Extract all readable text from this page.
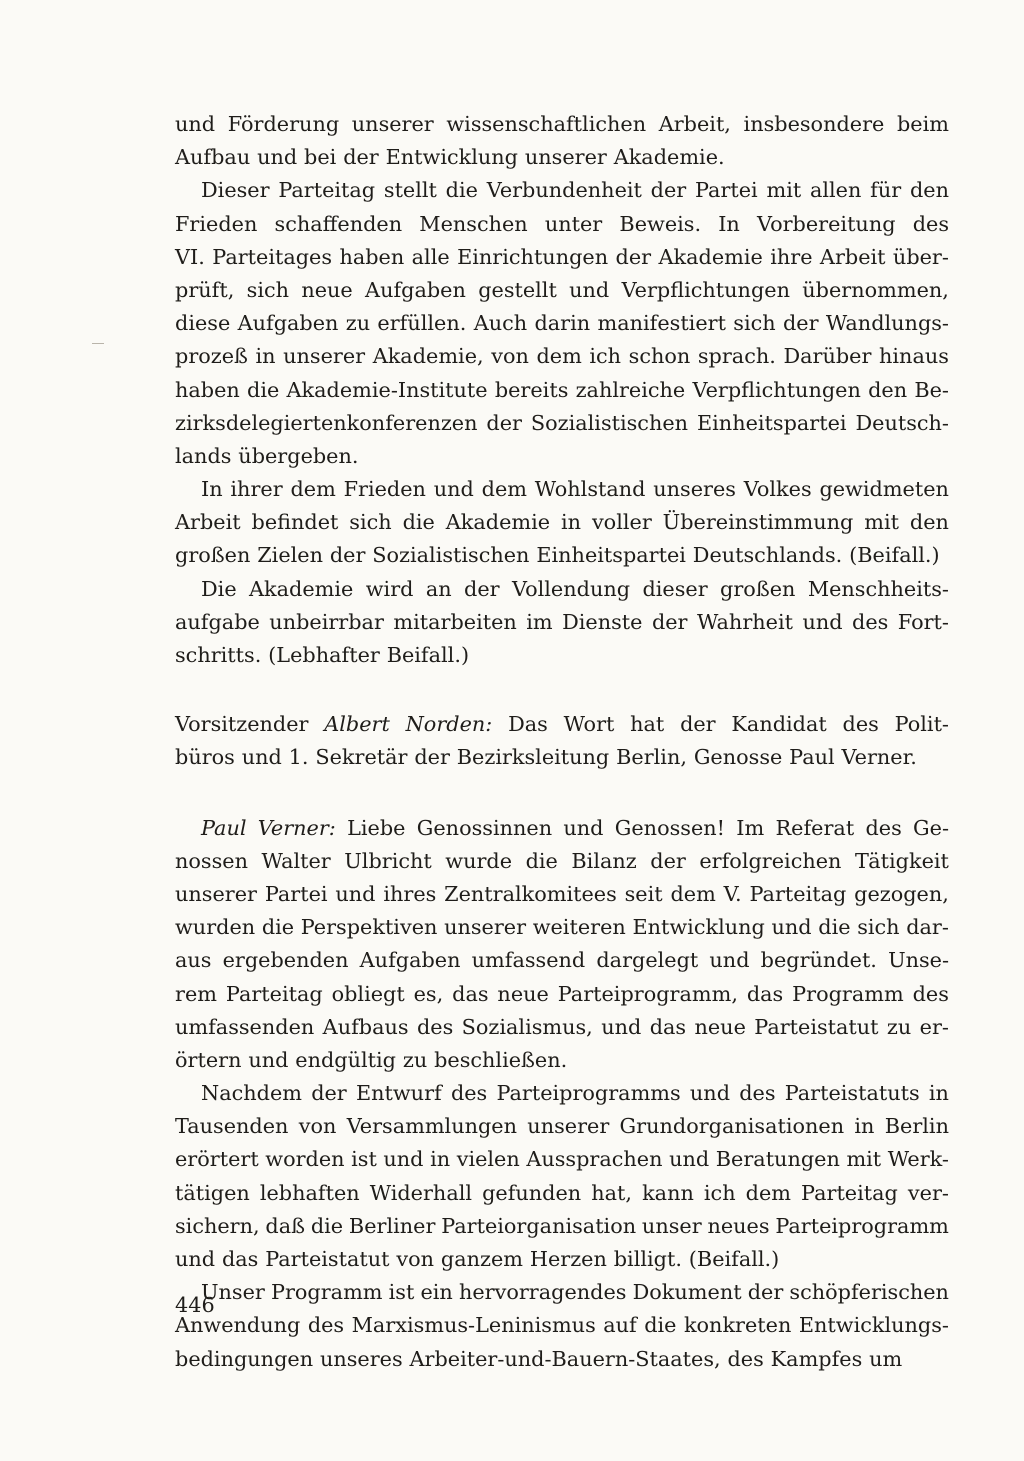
und Förderung unserer wissenschaftlichen Arbeit, insbesondere beim
Aufbau und bei der Entwicklung unserer Akademie.
Dieser Parteitag stellt die Verbundenheit der Partei mit allen für den
Frieden schaffenden Menschen unter Beweis. In Vorbereitung des
VI. Parteitages haben alle Einrichtungen der Akademie ihre Arbeit über-
prüft, sich neue Aufgaben gestellt und Verpflichtungen übernommen,
diese Aufgaben zu erfüllen. Auch darin manifestiert sich der Wandlungs-
prozeß in unserer Akademie, von dem ich schon sprach. Darüber hinaus
haben die Akademie-Institute bereits zahlreiche Verpflichtungen den Be-
zirksdelegiertenkonferenzen der Sozialistischen Einheitspartei Deutsch-
lands übergeben.
In ihrer dem Frieden und dem Wohlstand unseres Volkes gewidmeten
Arbeit befindet sich die Akademie in voller Übereinstimmung mit den
großen Zielen der Sozialistischen Einheitspartei Deutschlands. (Beifall.)
Die Akademie wird an der Vollendung dieser großen Menschheits-
aufgabe unbeirrbar mitarbeiten im Dienste der Wahrheit und des Fort-
schritts. (Lebhafter Beifall.)
Vorsitzender Albert Norden: Das Wort hat der Kandidat des Polit-
büros und 1. Sekretär der Bezirksleitung Berlin, Genosse Paul Verner.
Paul Verner: Liebe Genossinnen und Genossen! Im Referat des Ge-
nossen Walter Ulbricht wurde die Bilanz der erfolgreichen Tätigkeit
unserer Partei und ihres Zentralkomitees seit dem V. Parteitag gezogen,
wurden die Perspektiven unserer weiteren Entwicklung und die sich dar-
aus ergebenden Aufgaben umfassend dargelegt und begründet. Unse-
rem Parteitag obliegt es, das neue Parteiprogramm, das Programm des
umfassenden Aufbaus des Sozialismus, und das neue Parteistatut zu er-
örtern und endgültig zu beschließen.
Nachdem der Entwurf des Parteiprogramms und des Parteistatuts in
Tausenden von Versammlungen unserer Grundorganisationen in Berlin
erörtert worden ist und in vielen Aussprachen und Beratungen mit Werk-
tätigen lebhaften Widerhall gefunden hat, kann ich dem Parteitag ver-
sichern, daß die Berliner Parteiorganisation unser neues Parteiprogramm
und das Parteistatut von ganzem Herzen billigt. (Beifall.)
Unser Programm ist ein hervorragendes Dokument der schöpferischen
Anwendung des Marxismus-Leninismus auf die konkreten Entwicklungs-
bedingungen unseres Arbeiter-und-Bauern-Staates, des Kampfes um
446
